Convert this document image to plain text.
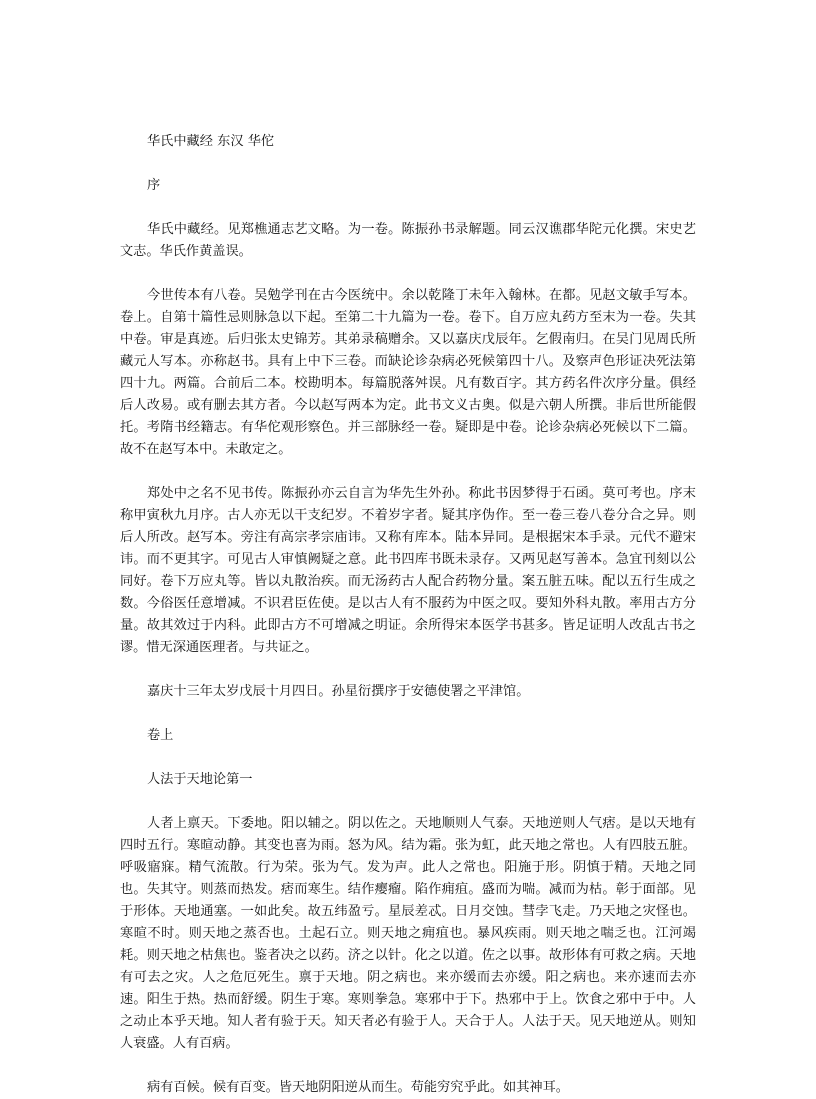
华氏中藏经 东汉 华佗

序

华氏中藏经。见郑樵通志艺文略。为一卷。陈振孙书录解题。同云汉谯郡华陀元化撰。宋史艺文志。华氏作黄盖误。

今世传本有八卷。吴勉学刊在古今医统中。余以乾隆丁未年入翰林。在都。见赵文敏手写本。卷上。自第十篇性忌则脉急以下起。至第二十九篇为一卷。卷下。自万应丸药方至末为一卷。失其中卷。审是真迹。后归张太史锦芳。其弟录稿赠余。又以嘉庆戊辰年。乞假南归。在吴门见周氏所藏元人写本。亦称赵书。具有上中下三卷。而缺论诊杂病必死候第四十八。及察声色形证决死法第四十九。两篇。合前后二本。校勘明本。每篇脱落舛误。凡有数百字。其方药名件次序分量。俱经后人改易。或有删去其方者。今以赵写两本为定。此书文义古奥。似是六朝人所撰。非后世所能假托。考隋书经籍志。有华佗观形察色。并三部脉经一卷。疑即是中卷。论诊杂病必死候以下二篇。故不在赵写本中。未敢定之。

郑处中之名不见书传。陈振孙亦云自言为华先生外孙。称此书因梦得于石函。莫可考也。序末称甲寅秋九月序。古人亦无以干支纪岁。不着岁字者。疑其序伪作。至一卷三卷八卷分合之异。则后人所改。赵写本。旁注有高宗孝宗庙讳。又称有库本。陆本异同。是根据宋本手录。元代不避宋讳。而不更其字。可见古人审慎阙疑之意。此书四库书既未录存。又两见赵写善本。急宜刊刻以公同好。卷下万应丸等。皆以丸散治疾。而无汤药古人配合药物分量。案五脏五味。配以五行生成之数。今俗医任意增减。不识君臣佐使。是以古人有不服药为中医之叹。要知外科丸散。率用古方分量。故其效过于内科。此即古方不可增减之明证。余所得宋本医学书甚多。皆足证明人改乱古书之谬。惜无深通医理者。与共证之。

嘉庆十三年太岁戊辰十月四日。孙星衍撰序于安德使署之平津馆。

卷上

人法于天地论第一

人者上禀天。下委地。阳以辅之。阴以佐之。天地顺则人气泰。天地逆则人气痞。是以天地有四时五行。寒暄动静。其变也喜为雨。怒为风。结为霜。张为虹，此天地之常也。人有四肢五脏。呼吸寤寐。精气流散。行为荣。张为气。发为声。此人之常也。阳施于形。阴慎于精。天地之同也。失其守。则蒸而热发。痞而寒生。结作瘿瘤。陷作痈疽。盛而为喘。减而为枯。彰于面部。见于形体。天地通塞。一如此矣。故五纬盈亏。星辰差忒。日月交蚀。彗孛飞走。乃天地之灾怪也。寒暄不时。则天地之蒸否也。土起石立。则天地之痈疽也。暴风疾雨。则天地之喘乏也。江河竭耗。则天地之枯焦也。鉴者决之以药。济之以针。化之以道。佐之以事。故形体有可救之病。天地有可去之灾。人之危厄死生。禀于天地。阴之病也。来亦缓而去亦缓。阳之病也。来亦速而去亦速。阳生于热。热而舒缓。阴生于寒。寒则拳急。寒邪中于下。热邪中于上。饮食之邪中于中。人之动止本乎天地。知人者有验于天。知天者必有验于人。天合于人。人法于天。见天地逆从。则知人衰盛。人有百病。

病有百候。候有百变。皆天地阴阳逆从而生。苟能穷究乎此。如其神耳。
